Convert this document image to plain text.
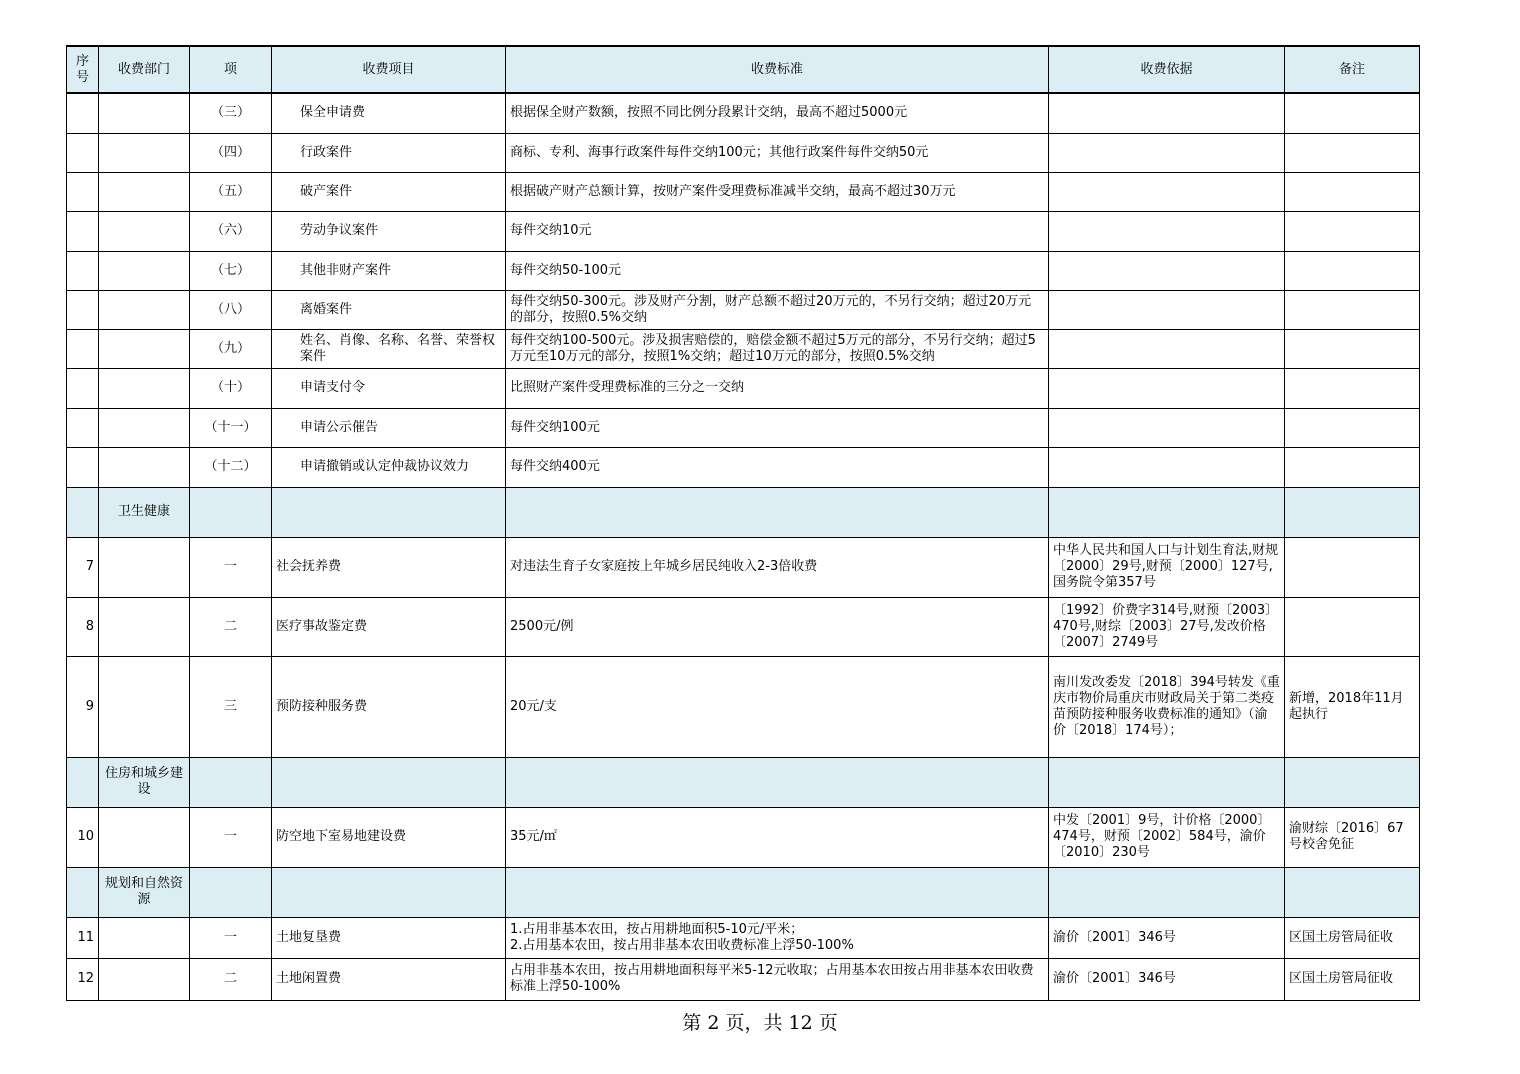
序号	收费部门	项	收费项目	收费标准	收费依据	备注
		（三）	保全申请费	根据保全财产数额，按照不同比例分段累计交纳，最高不超过5000元		

		（四）	行政案件	商标、专利、海事行政案件每件交纳100元；其他行政案件每件交纳50元		

		（五）	破产案件	根据破产财产总额计算，按财产案件受理费标准减半交纳，最高不超过30万元		

		（六）	劳动争议案件	每件交纳10元		

		（七）	其他非财产案件	每件交纳50-100元		

		（八）	离婚案件	每件交纳50-300元。涉及财产分割，财产总额不超过20万元的，不另行交纳；超过20万元的部分，按照0.5%交纳		

		（九）	姓名、肖像、名称、名誉、荣誉权案件	每件交纳100-500元。涉及损害赔偿的，赔偿金额不超过5万元的部分，不另行交纳；超过5万元至10万元的部分，按照1%交纳；超过10万元的部分，按照0.5%交纳		

		（十）	申请支付令	比照财产案件受理费标准的三分之一交纳		

		（十一）	申请公示催告	每件交纳100元		

		（十二）	申请撤销或认定仲裁协议效力	每件交纳400元		

	卫生健康					
7		一	社会抚养费	对违法生育子女家庭按上年城乡居民纯收入2-3倍收费	中华人民共和国人口与计划生育法,财规〔2000〕29号,财预〔2000〕127号,国务院令第357号	

8		二	医疗事故鉴定费	2500元/例	〔1992〕价费字314号,财预〔2003〕470号,财综〔2003〕27号,发改价格〔2007〕2749号	

9		三	预防接种服务费	20元/支	南川发改委发〔2018〕394号转发《重庆市物价局重庆市财政局关于第二类疫苗预防接种服务收费标准的通知》（渝价〔2018〕174号）；	新增，2018年11月起执行
	住房和城乡建设					
10		一	防空地下室易地建设费	35元/㎡	中发〔2001〕9号，计价格〔2000〕474号，财预〔2002〕584号，渝价〔2010〕230号	渝财综〔2016〕67号校舍免征
	规划和自然资源					
11		一	土地复垦费	1.占用非基本农田，按占用耕地面积5-10元/平米；
2.占用基本农田，按占用非基本农田收费标准上浮50-100%	渝价〔2001〕346号	区国土房管局征收
12		二	土地闲置费	占用非基本农田，按占用耕地面积每平米5-12元收取；占用基本农田按占用非基本农田收费标准上浮50-100%	渝价〔2001〕346号	区国土房管局征收
第 2 页，共 12 页
